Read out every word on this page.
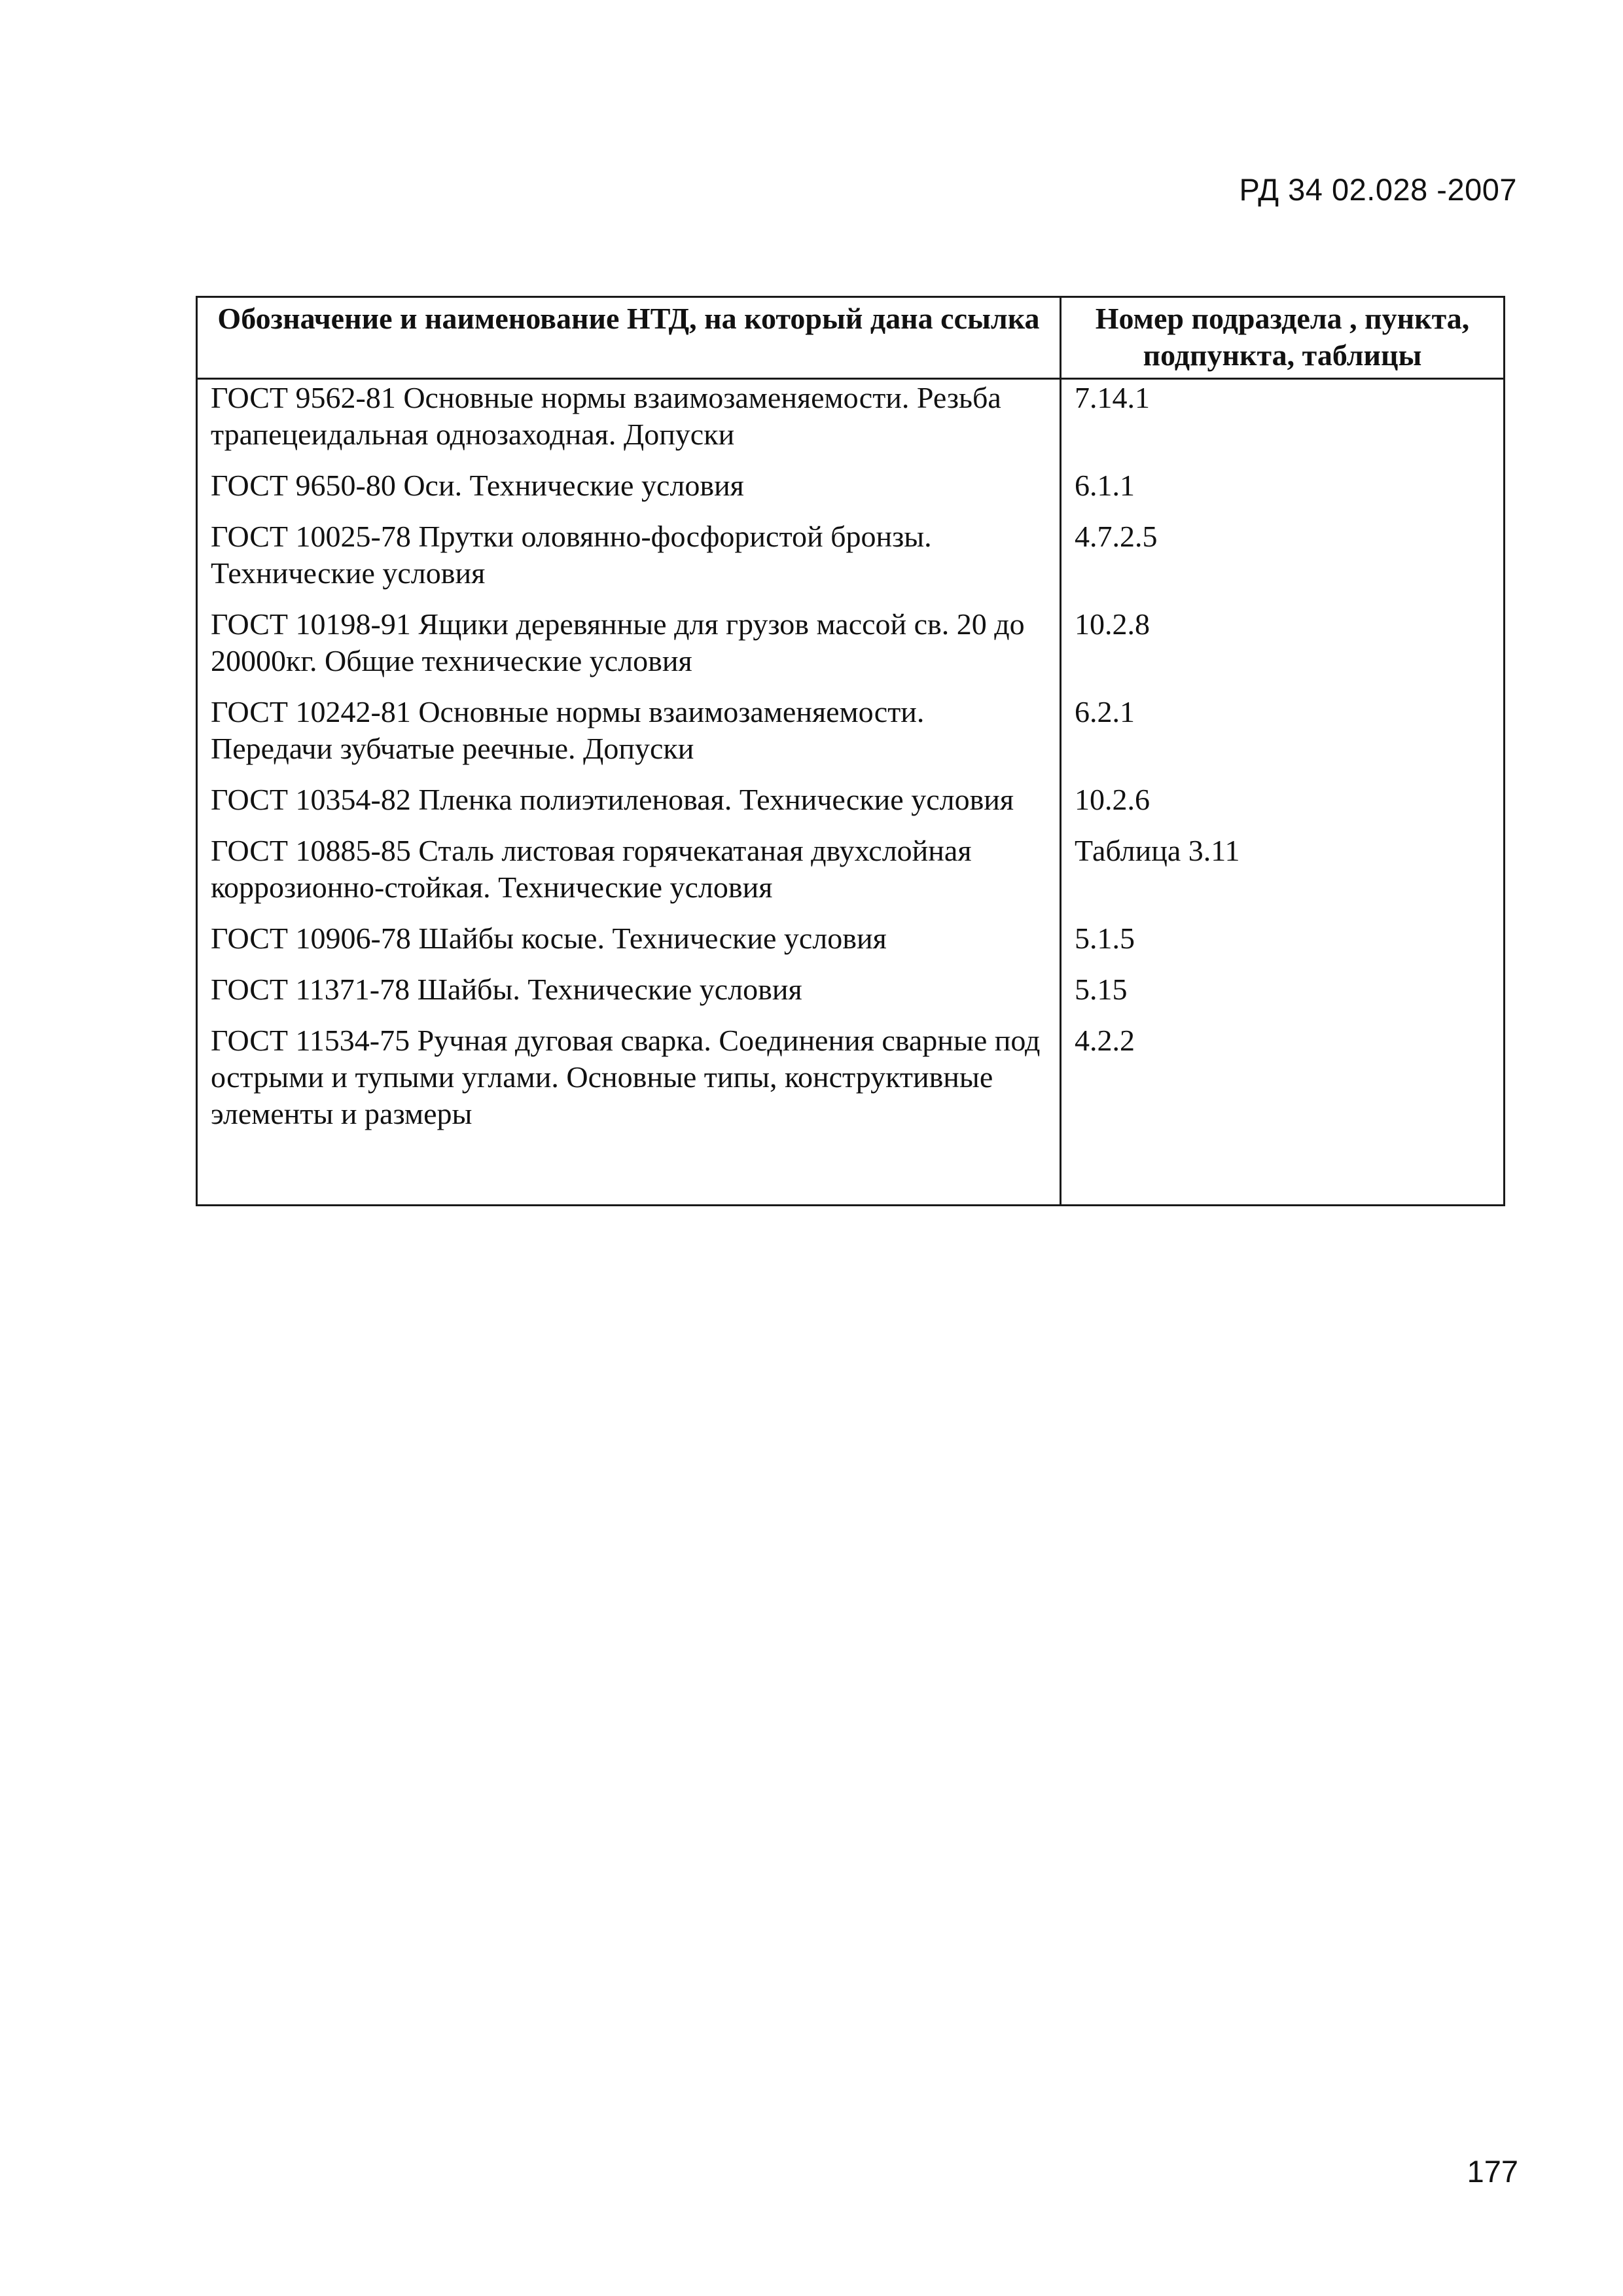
РД 34 02.028 -2007
Обозначение и наименование НТД, на который дана ссылка	Номер подраздела , пункта, подпункта, таблицы
ГОСТ 9562-81 Основные нормы взаимозаменяемости. Резьба трапецеидальная однозаходная. Допуски	7.14.1
ГОСТ 9650-80 Оси. Технические условия	6.1.1
ГОСТ 10025-78 Прутки оловянно-фосфористой бронзы. Технические условия	4.7.2.5
ГОСТ 10198-91 Ящики деревянные для грузов массой св. 20 до 20000кг. Общие технические условия	10.2.8
ГОСТ 10242-81 Основные нормы взаимозаменяемости. Передачи зубчатые реечные. Допуски	6.2.1
ГОСТ 10354-82 Пленка полиэтиленовая. Технические условия	10.2.6
ГОСТ 10885-85 Сталь листовая горячекатаная двухслойная коррозионно-стойкая. Технические условия	Таблица 3.11
ГОСТ 10906-78 Шайбы косые. Технические условия	5.1.5
ГОСТ 11371-78 Шайбы. Технические условия	5.15
ГОСТ 11534-75 Ручная дуговая сварка. Соединения сварные под острыми и тупыми углами. Основные типы, конструктивные элементы и размеры	4.2.2
177
